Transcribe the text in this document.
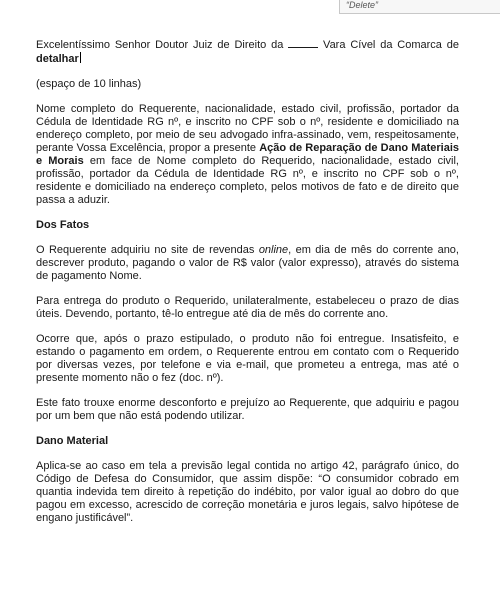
“Delete”

Excelentíssimo Senhor Doutor Juiz de Direito da	Vara Cível da Comarca de detalhar

(espaço de 10 linhas)

Nome completo do Requerente, nacionalidade, estado civil, profissão, portador da Cédula de Identidade RG nº, e inscrito no CPF sob o nº, residente e domiciliado na endereço completo, por meio de seu advogado infra-assinado, vem, respeitosamente, perante Vossa Excelência, propor a presente Ação de Reparação de Dano Materiais e Morais em face de Nome completo do Requerido, nacionalidade, estado civil, profissão, portador da Cédula de Identidade RG nº, e inscrito no CPF sob o nº, residente e domiciliado na endereço completo, pelos motivos de fato e de direito que passa a aduzir.

Dos Fatos

O Requerente adquiriu no site de revendas online, em dia de mês do corrente ano, descrever produto, pagando o valor de R$ valor (valor expresso), através do sistema de pagamento Nome.

Para entrega do produto o Requerido, unilateralmente, estabeleceu o prazo de dias úteis. Devendo, portanto, tê-lo entregue até dia de mês do corrente ano.

Ocorre que, após o prazo estipulado, o produto não foi entregue. Insatisfeito, e estando o pagamento em ordem, o Requerente entrou em contato com o Requerido por diversas vezes, por telefone e via e-mail, que prometeu a entrega, mas até o presente momento não o fez (doc. nº).

Este fato trouxe enorme desconforto e prejuízo ao Requerente, que adquiriu e pagou por um bem que não está podendo utilizar.

Dano Material

Aplica-se ao caso em tela a previsão legal contida no artigo 42, parágrafo único, do Código de Defesa do Consumidor, que assim dispõe: “O consumidor cobrado em quantia indevida tem direito à repetição do indébito, por valor igual ao dobro do que pagou em excesso, acrescido de correção monetária e juros legais, salvo hipótese de engano justificável”.
